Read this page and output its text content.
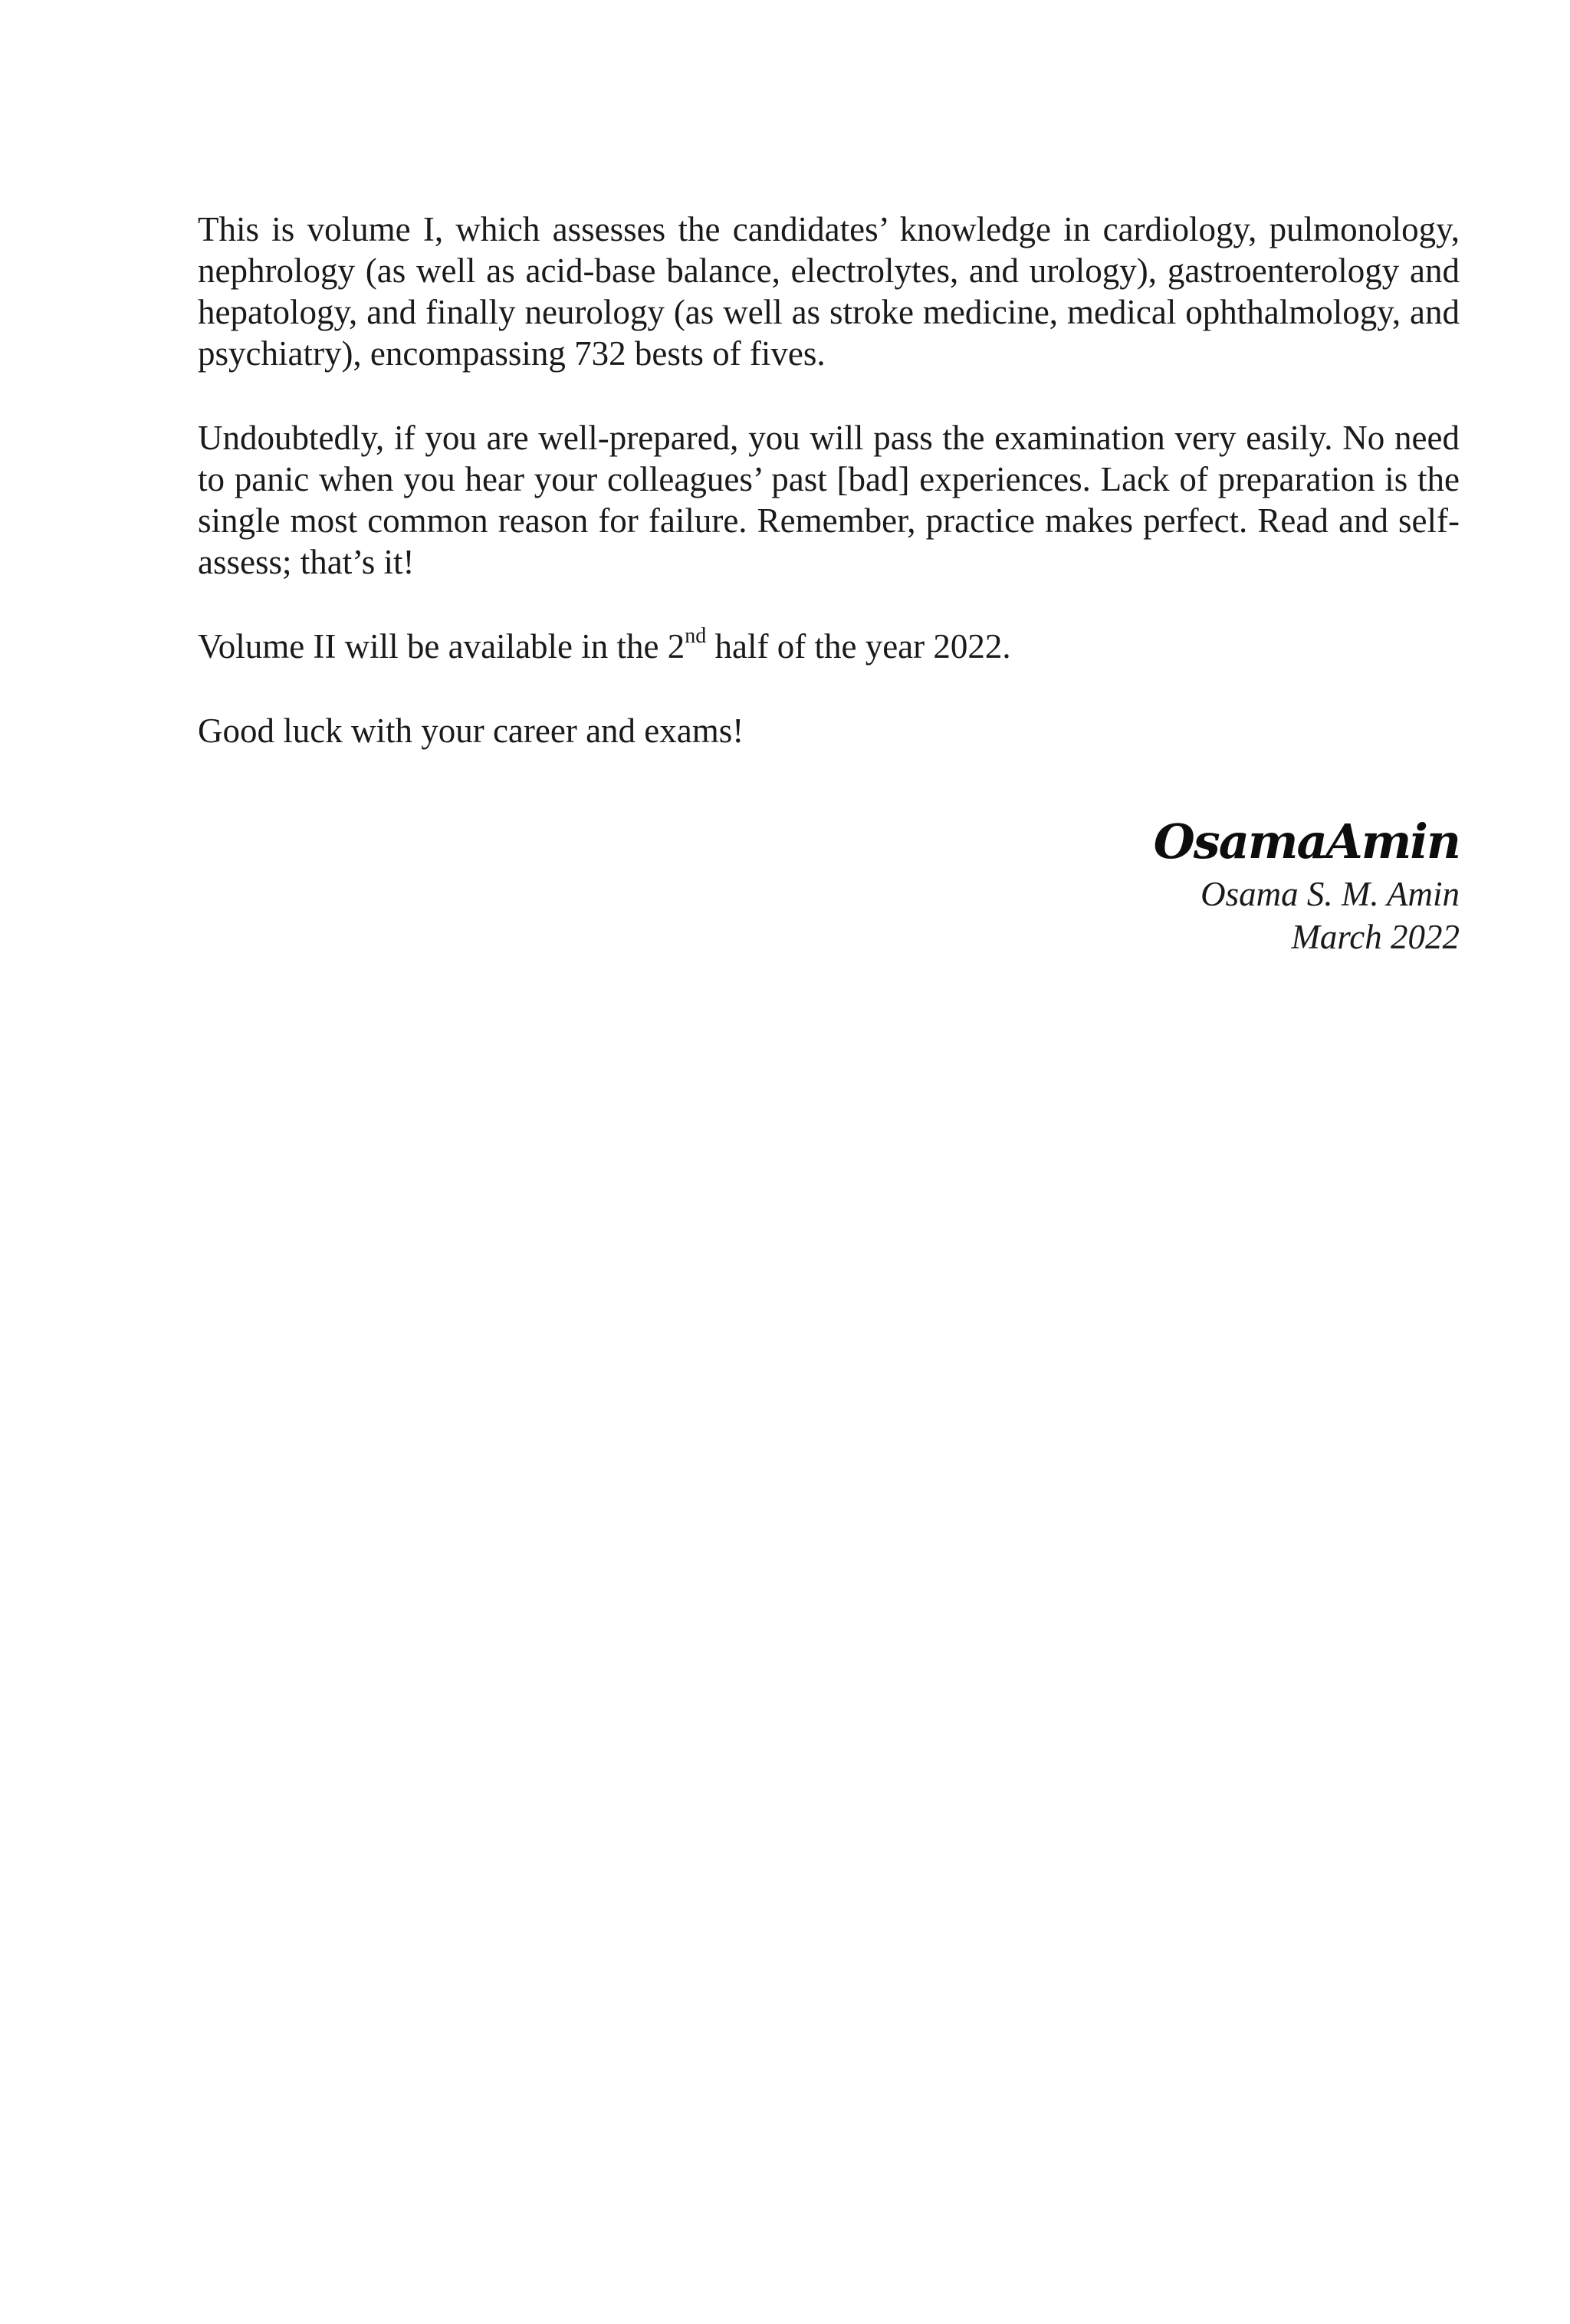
This is volume I, which assesses the candidates’ knowledge in cardiology, pulmonology, nephrology (as well as acid-base balance, electrolytes, and urology), gastroenterology and hepatology, and finally neurology (as well as stroke medicine, medical ophthalmology, and psychiatry), encompassing 732 bests of fives.

Undoubtedly, if you are well-prepared, you will pass the examination very easily. No need to panic when you hear your colleagues’ past [bad] experiences. Lack of preparation is the single most common reason for failure. Remember, practice makes perfect. Read and self-assess; that’s it!

Volume II will be available in the 2nd half of the year 2022.

Good luck with your career and exams!

OsamaAmin

Osama S. M. Amin

March 2022
